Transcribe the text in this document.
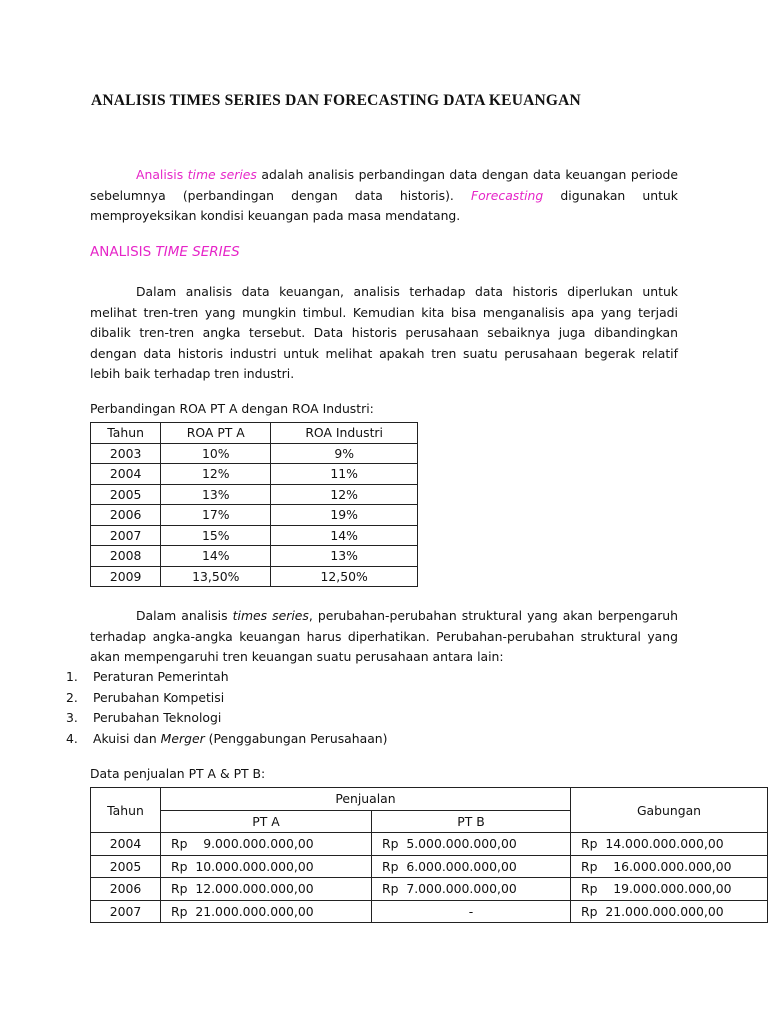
ANALISIS TIMES SERIES DAN FORECASTING DATA KEUANGAN

Analisis time series adalah analisis perbandingan data dengan data keuangan periode sebelumnya (perbandingan dengan data historis). Forecasting digunakan untuk memproyeksikan kondisi keuangan pada masa mendatang.

ANALISIS TIME SERIES

Dalam analisis data keuangan, analisis terhadap data historis diperlukan untuk melihat tren-tren yang mungkin timbul. Kemudian kita bisa menganalisis apa yang terjadi dibalik tren-tren angka tersebut. Data historis perusahaan sebaiknya juga dibandingkan dengan data historis industri untuk melihat apakah tren suatu perusahaan begerak relatif lebih baik terhadap tren industri.

Perbandingan ROA PT A dengan ROA Industri:

Tahun	ROA PT A	ROA Industri
2003	10%	9%
2004	12%	11%
2005	13%	12%
2006	17%	19%
2007	15%	14%
2008	14%	13%
2009	13,50%	12,50%

Dalam analisis times series, perubahan-perubahan struktural yang akan berpengaruh terhadap angka-angka keuangan harus diperhatikan. Perubahan-perubahan struktural yang akan mempengaruhi tren keuangan suatu perusahaan antara lain:

1.	Peraturan Pemerintah
2.	Perubahan Kompetisi
3.	Perubahan Teknologi
4.	Akuisi dan
Merger
(Penggabungan Perusahaan)

Data penjualan PT A & PT B:

Tahun	Penjualan		Gabungan
	PT A	PT B	
2004	Rp    9.000.000.000,00	Rp  5.000.000.000,00	Rp  14.000.000.000,00
2005	Rp  10.000.000.000,00	Rp  6.000.000.000,00	Rp    16.000.000.000,00
2006	Rp  12.000.000.000,00	Rp  7.000.000.000,00	Rp    19.000.000.000,00
2007	Rp  21.000.000.000,00	-	Rp  21.000.000.000,00
